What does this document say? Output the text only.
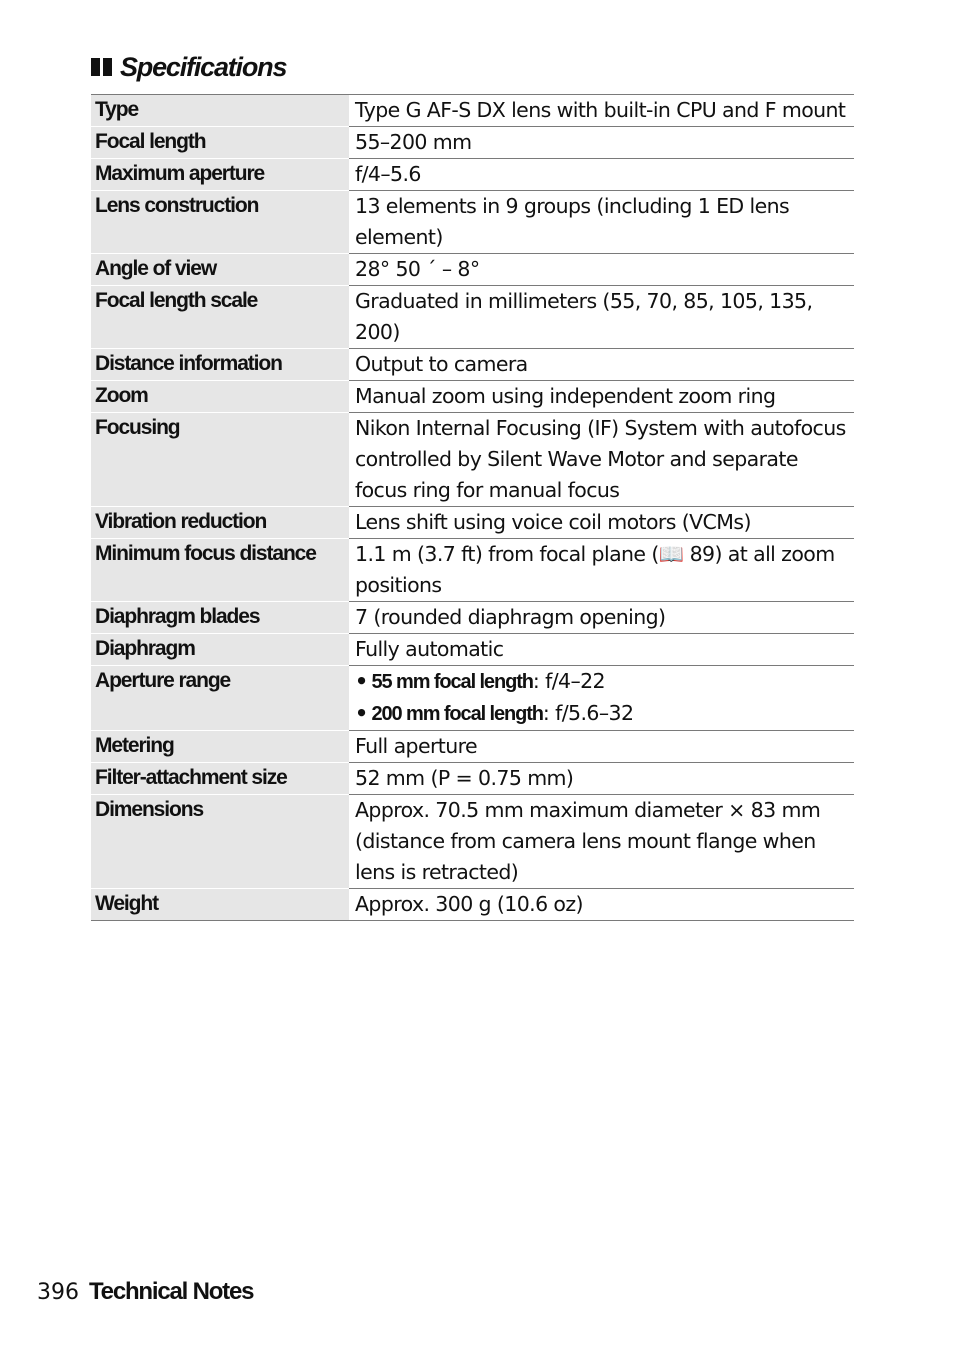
Specifications
Type	Type G AF-S DX lens with built-in CPU and F mount
Focal length	55–200 mm
Maximum aperture	f/4–5.6
Lens construction	13 elements in 9 groups (including 1 ED lens element)
Angle of view	28° 50 ´ – 8°
Focal length scale	Graduated in millimeters (55, 70, 85, 105, 135, 200)
Distance information	Output to camera
Zoom	Manual zoom using independent zoom ring
Focusing	Nikon Internal Focusing (IF) System with autofocus controlled by Silent Wave Motor and separate focus ring for manual focus
Vibration reduction	Lens shift using voice coil motors (VCMs)
Minimum focus distance	1.1 m (3.7 ft) from focal plane (📖 89) at all zoom positions
Diaphragm blades	7 (rounded diaphragm opening)
Diaphragm	Fully automatic
Aperture range	• 55 mm focal length: f/4–22
• 200 mm focal length: f/5.6–32

Metering	Full aperture
Filter-attachment size	52 mm (P = 0.75 mm)
Dimensions	Approx. 70.5 mm maximum diameter × 83 mm (distance from camera lens mount flange when lens is retracted)
Weight	Approx. 300 g (10.6 oz)
396 Technical Notes
